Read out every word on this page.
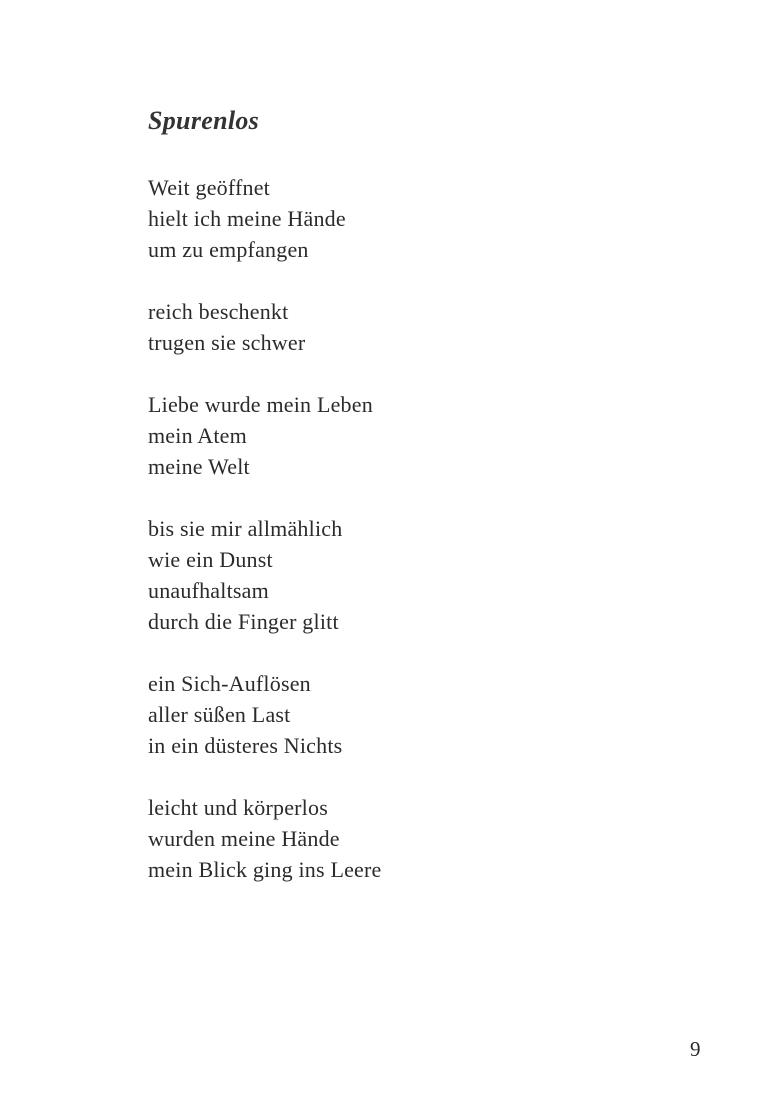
Spurenlos

Weit geöffnet

hielt ich meine Hände

um zu empfangen

reich beschenkt

trugen sie schwer

Liebe wurde mein Leben

mein Atem

meine Welt

bis sie mir allmählich

wie ein Dunst

unaufhaltsam

durch die Finger glitt

ein Sich-Auflösen

aller süßen Last

in ein düsteres Nichts

leicht und körperlos

wurden meine Hände

mein Blick ging ins Leere

9
